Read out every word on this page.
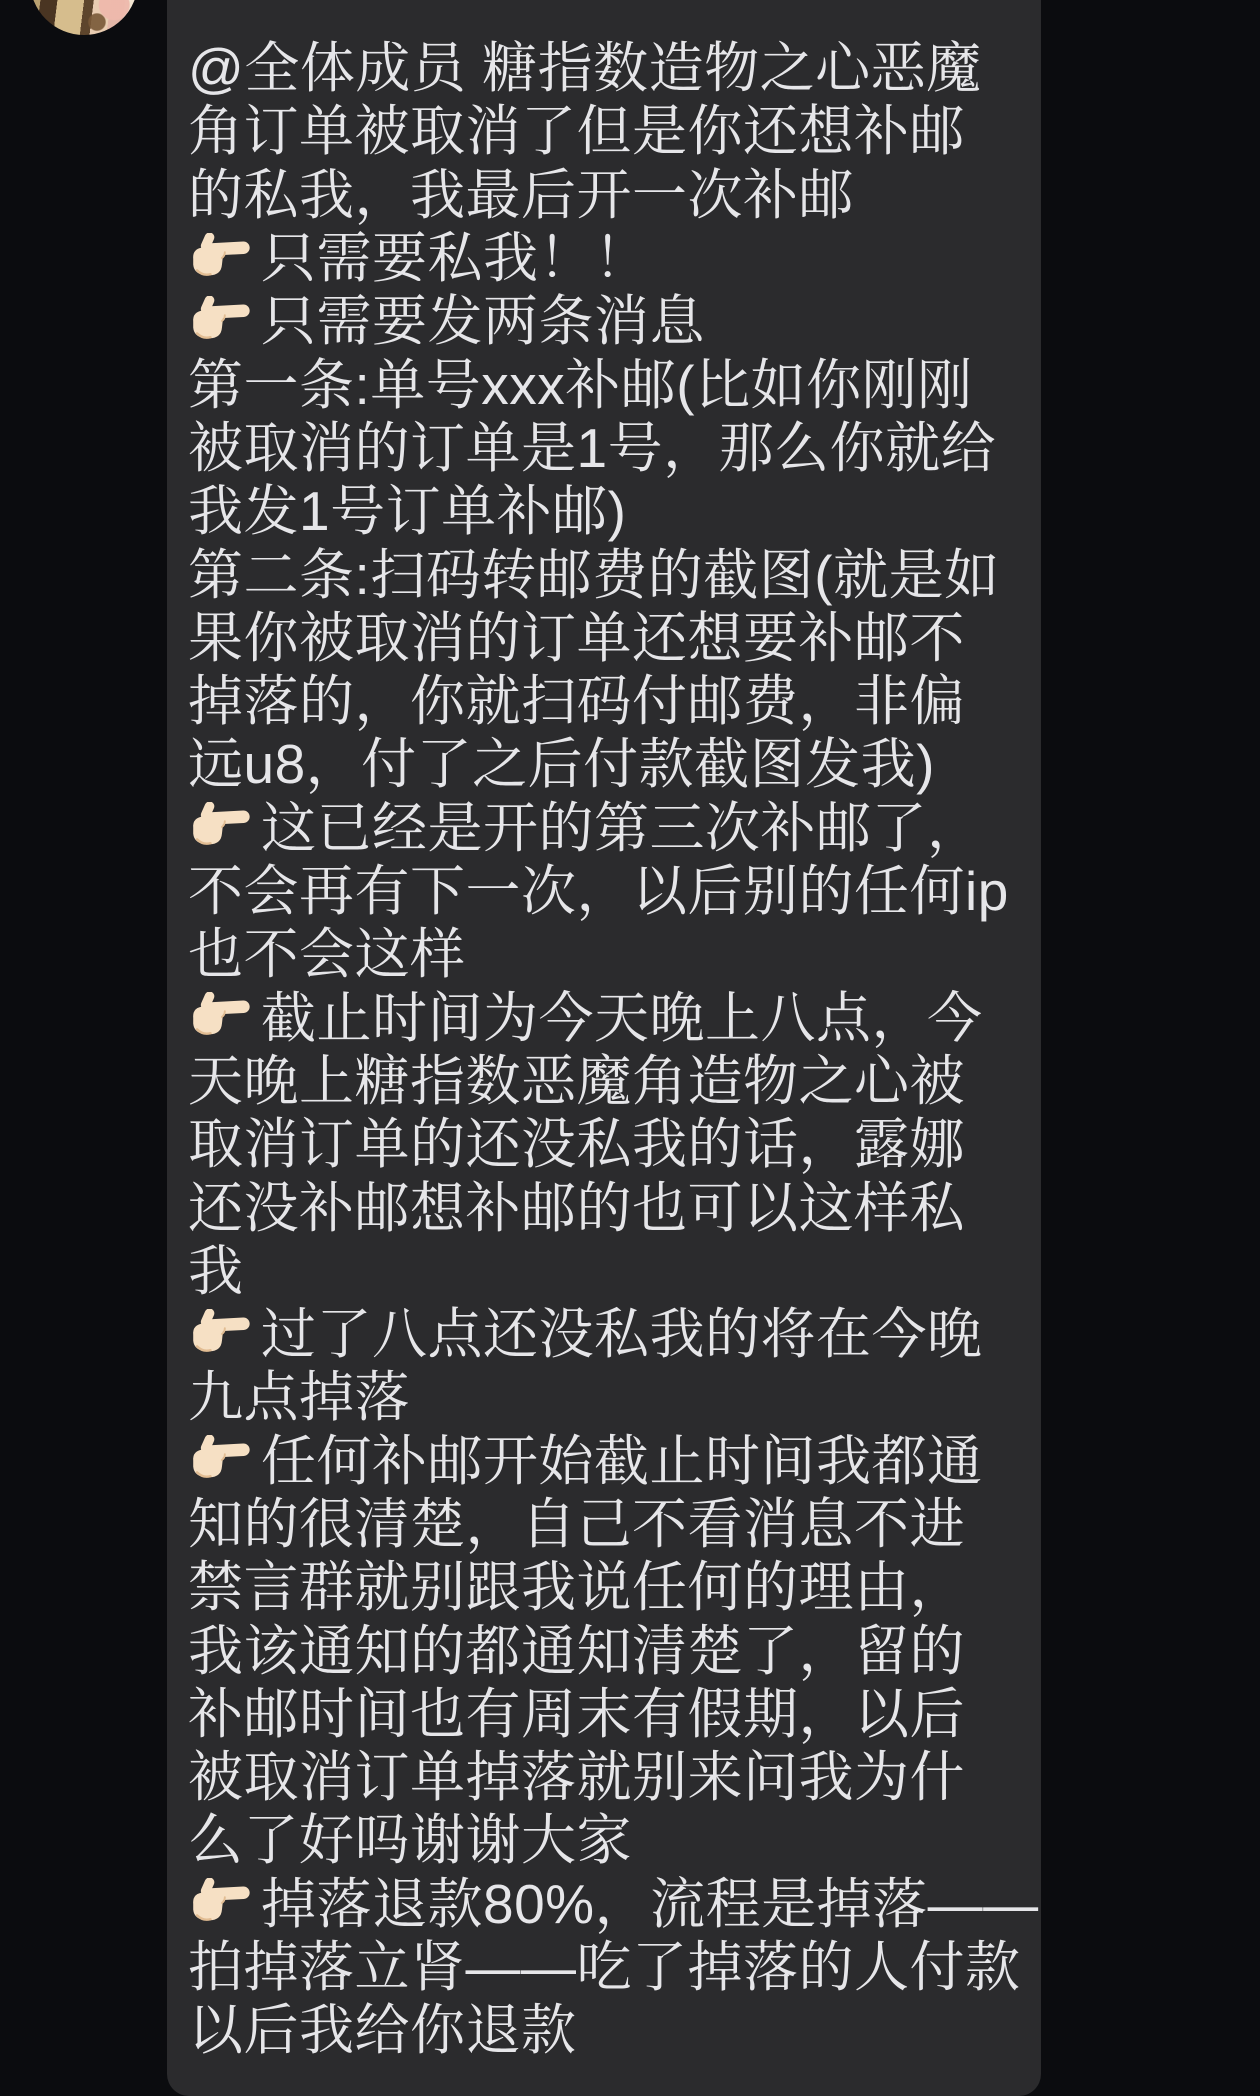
@全体成员 糖指数造物之心恶魔
角订单被取消了但是你还想补邮
的私我，我最后开一次补邮
只需要私我！！
只需要发两条消息
第一条:单号xxx补邮(比如你刚刚
被取消的订单是1号，那么你就给
我发1号订单补邮)
第二条:扫码转邮费的截图(就是如
果你被取消的订单还想要补邮不
掉落的，你就扫码付邮费，非偏
远u8，付了之后付款截图发我)
这已经是开的第三次补邮了，
不会再有下一次，以后别的任何ip
也不会这样
截止时间为今天晚上八点，今
天晚上糖指数恶魔角造物之心被
取消订单的还没私我的话，露娜
还没补邮想补邮的也可以这样私
我
过了八点还没私我的将在今晚
九点掉落
任何补邮开始截止时间我都通
知的很清楚，自己不看消息不进
禁言群就别跟我说任何的理由，
我该通知的都通知清楚了，留的
补邮时间也有周末有假期，以后
被取消订单掉落就别来问我为什
么了好吗谢谢大家
掉落退款80%，流程是掉落——
拍掉落立肾——吃了掉落的人付款
以后我给你退款
